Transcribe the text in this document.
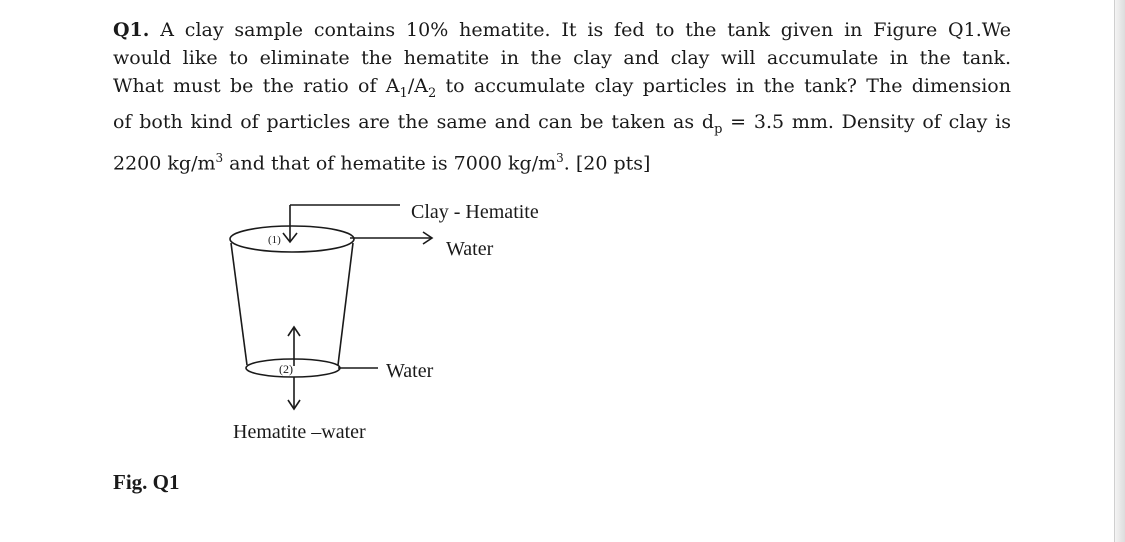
Q1. A clay sample contains 10% hematite. It is fed to the tank given in Figure Q1.We
would like to eliminate the hematite in the clay and clay will accumulate in the tank.
What must be the ratio of $A_1/A_2$ to accumulate clay particles in the tank? The dimension
of both kind of particles are the same and can be taken as $d_p = 3.5$ mm. Density of clay is
2200 $kg/m^3$ and that of hematite is 7000 $kg/m^3$. [20 pts]
(1)
(2)
Clay - Hematite
Water
Water
Hematite –water
Fig. Q1
